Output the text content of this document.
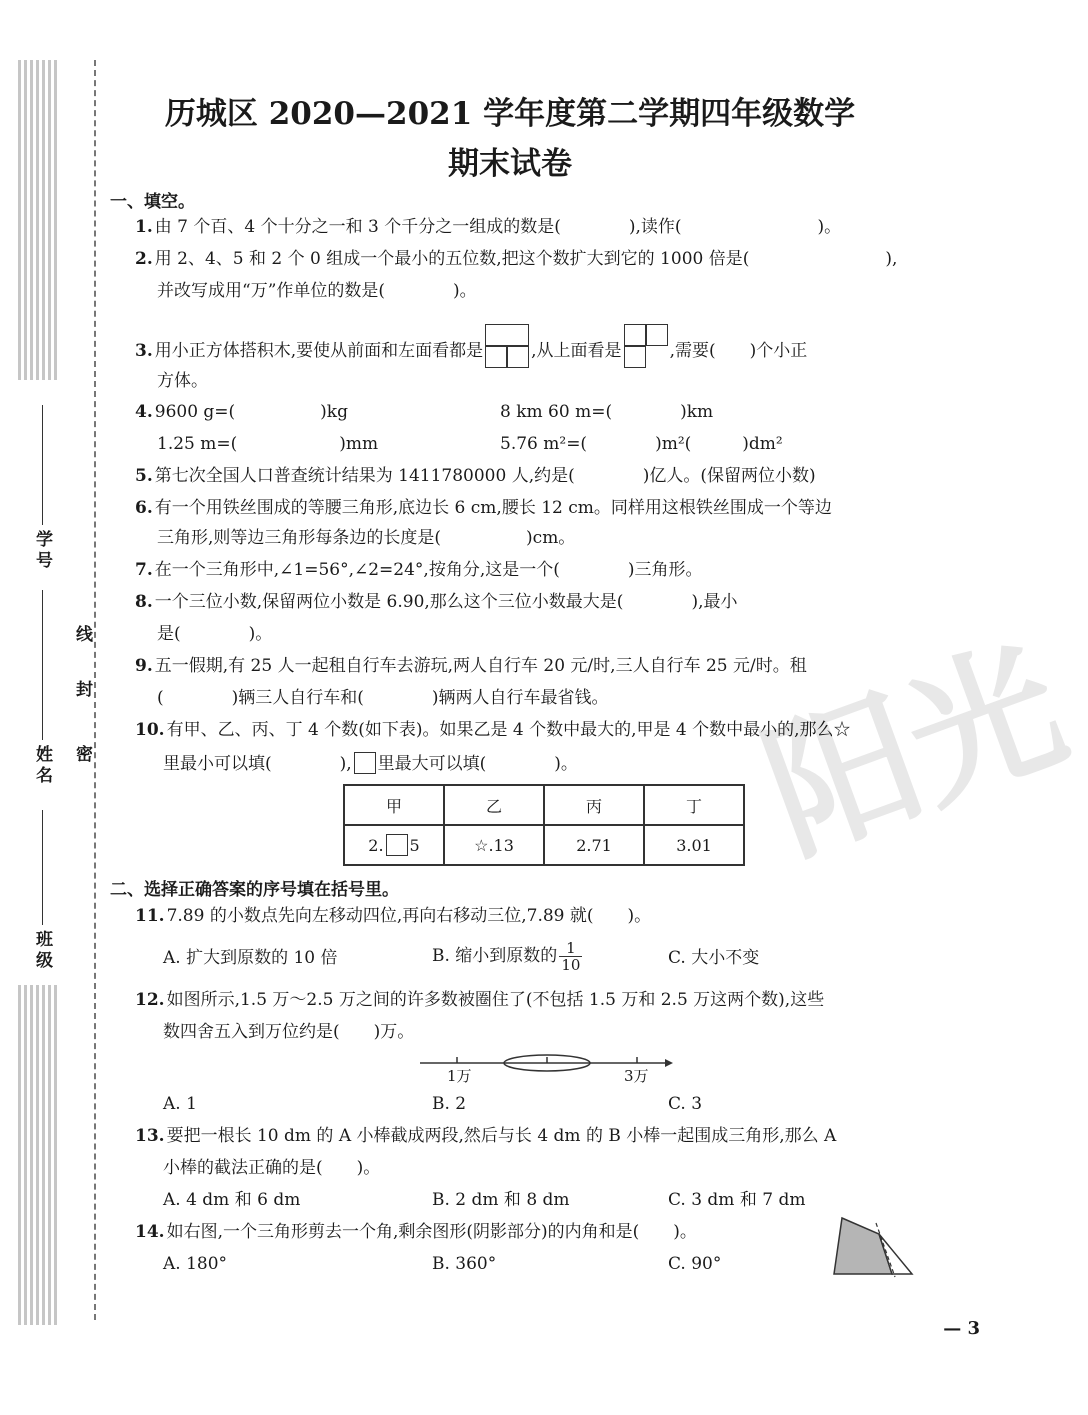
学号
姓名
班级
线
封
密	阳光
历城区 2020—2021 学年度第二学期四年级数学
期末试卷
一、填空。
1. 由 7 个百、4 个十分之一和 3 个千分之一组成的数是(　　　　),读作(　　　　　　　　)。
2. 用 2、4、5 和 2 个 0 组成一个最小的五位数,把这个数扩大到它的 1000 倍是(　　　　　　　　),
并改写成用“万”作单位的数是(　　　　)。
3. 用小正方体搭积木,要使从前面和左面看都是	,从上面看是	,需要(　　)个小正
方体。
4. 9600 g=(　　　　　)kg	8 km 60 m=(　　　　)km
1.25 m=(　　　　　　)mm	5.76 m²=(　　　　)m²(　　　)dm²
5. 第七次全国人口普查统计结果为 1411780000 人,约是(　　　　)亿人。(保留两位小数)
6. 有一个用铁丝围成的等腰三角形,底边长 6 cm,腰长 12 cm。同样用这根铁丝围成一个等边
三角形,则等边三角形每条边的长度是(　　　　　)cm。
7. 在一个三角形中,∠1=56°,∠2=24°,按角分,这是一个(　　　　)三角形。
8. 一个三位小数,保留两位小数是 6.90,那么这个三位小数最大是(　　　　),最小
是(　　　　)。
9. 五一假期,有 25 人一起租自行车去游玩,两人自行车 20 元/时,三人自行车 25 元/时。租
(　　　　)辆三人自行车和(　　　　)辆两人自行车最省钱。
10. 有甲、乙、丙、丁 4 个数(如下表)。如果乙是 4 个数中最大的,甲是 4 个数中最小的,那么☆
里最小可以填(　　　　), 里最大可以填(　　　　)。
甲	乙	丙	丁
2. 5	☆.13	2.71	3.01
二、选择正确答案的序号填在括号里。
11. 7.89 的小数点先向左移动四位,再向右移动三位,7.89 就(　　)。
A. 扩大到原数的 10 倍	B. 缩小到原数的 $\frac{1}{10}$	C. 大小不变
12. 如图所示,1.5 万～2.5 万之间的许多数被圈住了(不包括 1.5 万和 2.5 万这两个数),这些
数四舍五入到万位约是(　　)万。
1万	3万
A. 1	B. 2	C. 3
13. 要把一根长 10 dm 的 A 小棒截成两段,然后与长 4 dm 的 B 小棒一起围成三角形,那么 A
小棒的截法正确的是(　　)。
A. 4 dm 和 6 dm	B. 2 dm 和 8 dm	C. 3 dm 和 7 dm
14. 如右图,一个三角形剪去一个角,剩余图形(阴影部分)的内角和是(　　)。
A. 180°	B. 360°	C. 90°
— 3
